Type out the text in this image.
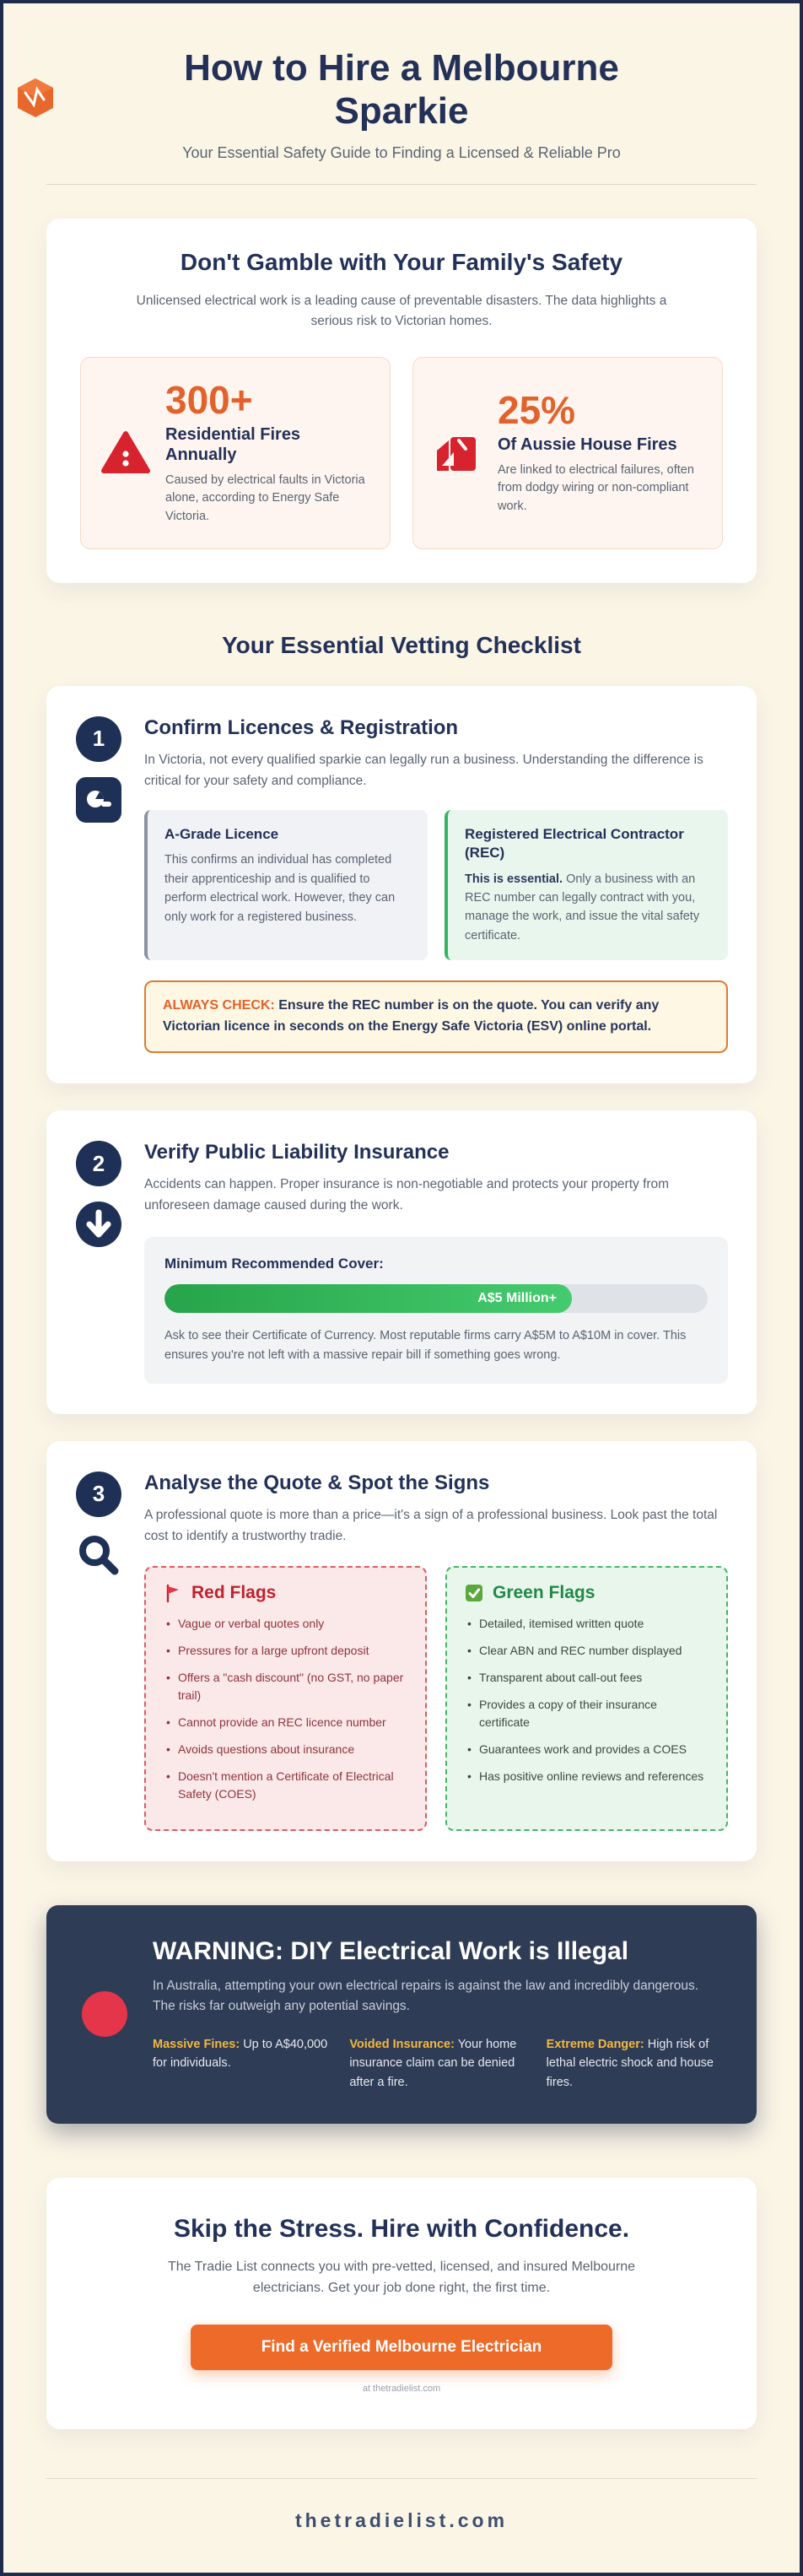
How to Hire a Melbourne Sparkie

Your Essential Safety Guide to Finding a Licensed & Reliable Pro

Don't Gamble with Your Family's Safety

Unlicensed electrical work is a leading cause of preventable disasters. The data highlights a serious risk to Victorian homes.

300+
Residential Fires Annually
Caused by electrical faults in Victoria alone, according to Energy Safe Victoria.
25%
Of Aussie House Fires
Are linked to electrical failures, often from dodgy wiring or non-compliant work.
Your Essential Vetting Checklist
1	Confirm Licences & Registration

In Victoria, not every qualified sparkie can legally run a business. Understanding the difference is critical for your safety and compliance.

A-Grade Licence

This confirms an individual has completed their apprenticeship and is qualified to perform electrical work. However, they can only work for a registered business.

Registered Electrical Contractor (REC)

This is essential. Only a business with an REC number can legally contract with you, manage the work, and issue the vital safety certificate.

ALWAYS CHECK: Ensure the REC number is on the quote. You can verify any Victorian licence in seconds on the Energy Safe Victoria (ESV) online portal.
2	Verify Public Liability Insurance

Accidents can happen. Proper insurance is non-negotiable and protects your property from unforeseen damage caused during the work.

Minimum Recommended Cover:
A$5 Million+

Ask to see their Certificate of Currency. Most reputable firms carry A$5M to A$10M in cover. This ensures you're not left with a massive repair bill if something goes wrong.

3	Analyse the Quote & Spot the Signs

A professional quote is more than a price—it's a sign of a professional business. Look past the total cost to identify a trustworthy tradie.

Red Flags
• Vague or verbal quotes only
• Pressures for a large upfront deposit
• Offers a "cash discount" (no GST, no paper trail)
• Cannot provide an REC licence number
• Avoids questions about insurance
• Doesn't mention a Certificate of Electrical Safety (COES)
Green Flags
• Detailed, itemised written quote
• Clear ABN and REC number displayed
• Transparent about call-out fees
• Provides a copy of their insurance certificate
• Guarantees work and provides a COES
• Has positive online reviews and references
WARNING: DIY Electrical Work is Illegal

In Australia, attempting your own electrical repairs is against the law and incredibly dangerous. The risks far outweigh any potential savings.

Massive Fines: Up to A$40,000 for individuals.

Voided Insurance: Your home insurance claim can be denied after a fire.

Extreme Danger: High risk of lethal electric shock and house fires.

Skip the Stress. Hire with Confidence.

The Tradie List connects you with pre-vetted, licensed, and insured Melbourne electricians. Get your job done right, the first time.

Find a Verified Melbourne Electrician

at thetradielist.com

thetradielist.com
